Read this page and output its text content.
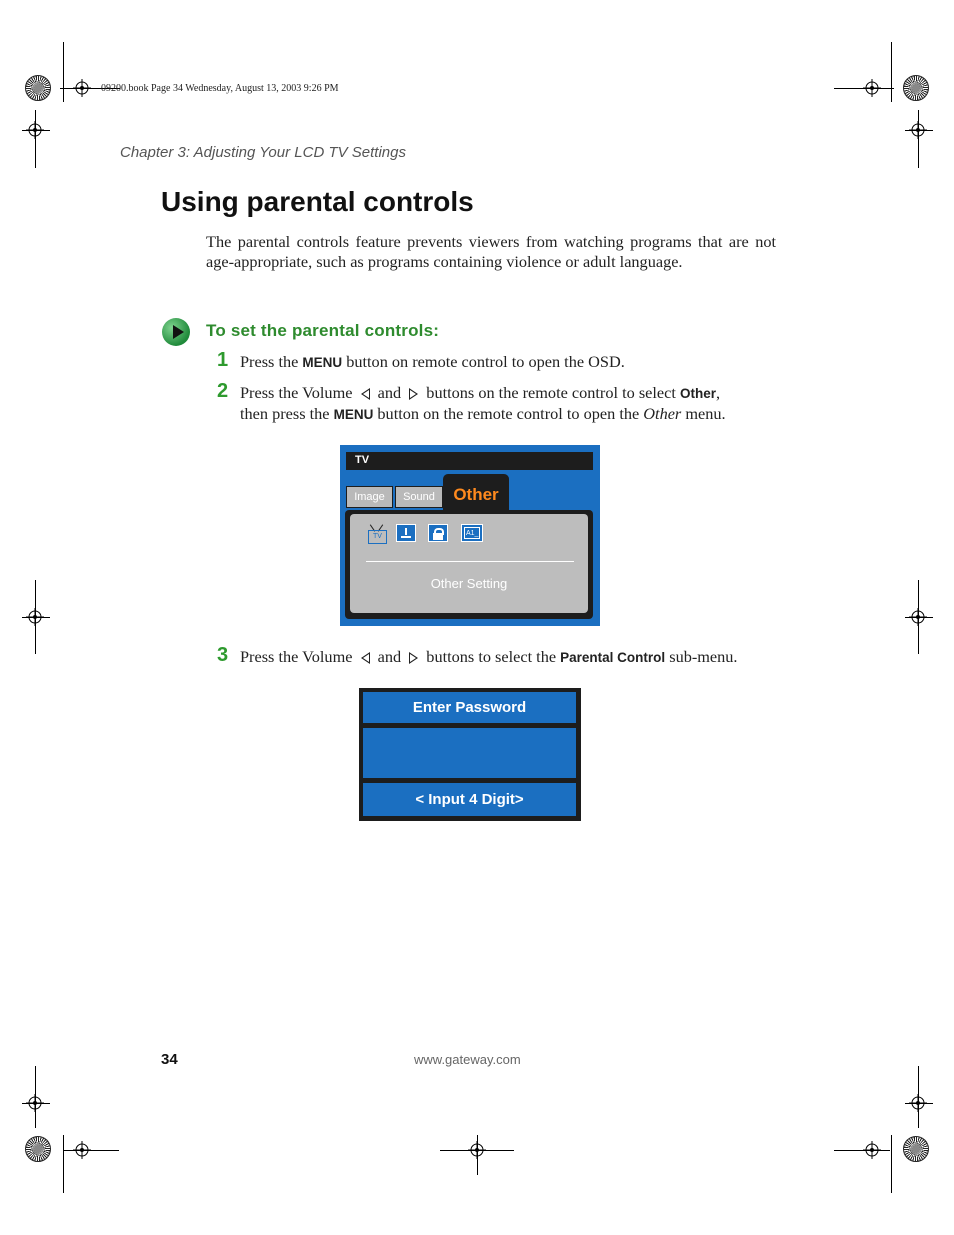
09200.book Page 34 Wednesday, August 13, 2003 9:26 PM
Chapter 3: Adjusting Your LCD TV Settings
Using parental controls

The parental controls feature prevents viewers from watching programs that are not age-appropriate, such as programs containing violence or adult language.

To set the parental controls:
1 Press the MENU button on remote control to open the OSD.
2 Press the Volume and buttons on the remote control to select Other,
then press the MENU button on the remote control to open the Other menu.
TV
Image	Sound	Other
TV	A1_
Other Setting
3 Press the Volume and buttons to select the Parental Control sub-menu.
Enter Password
< Input 4 Digit>
34	www.gateway.com
